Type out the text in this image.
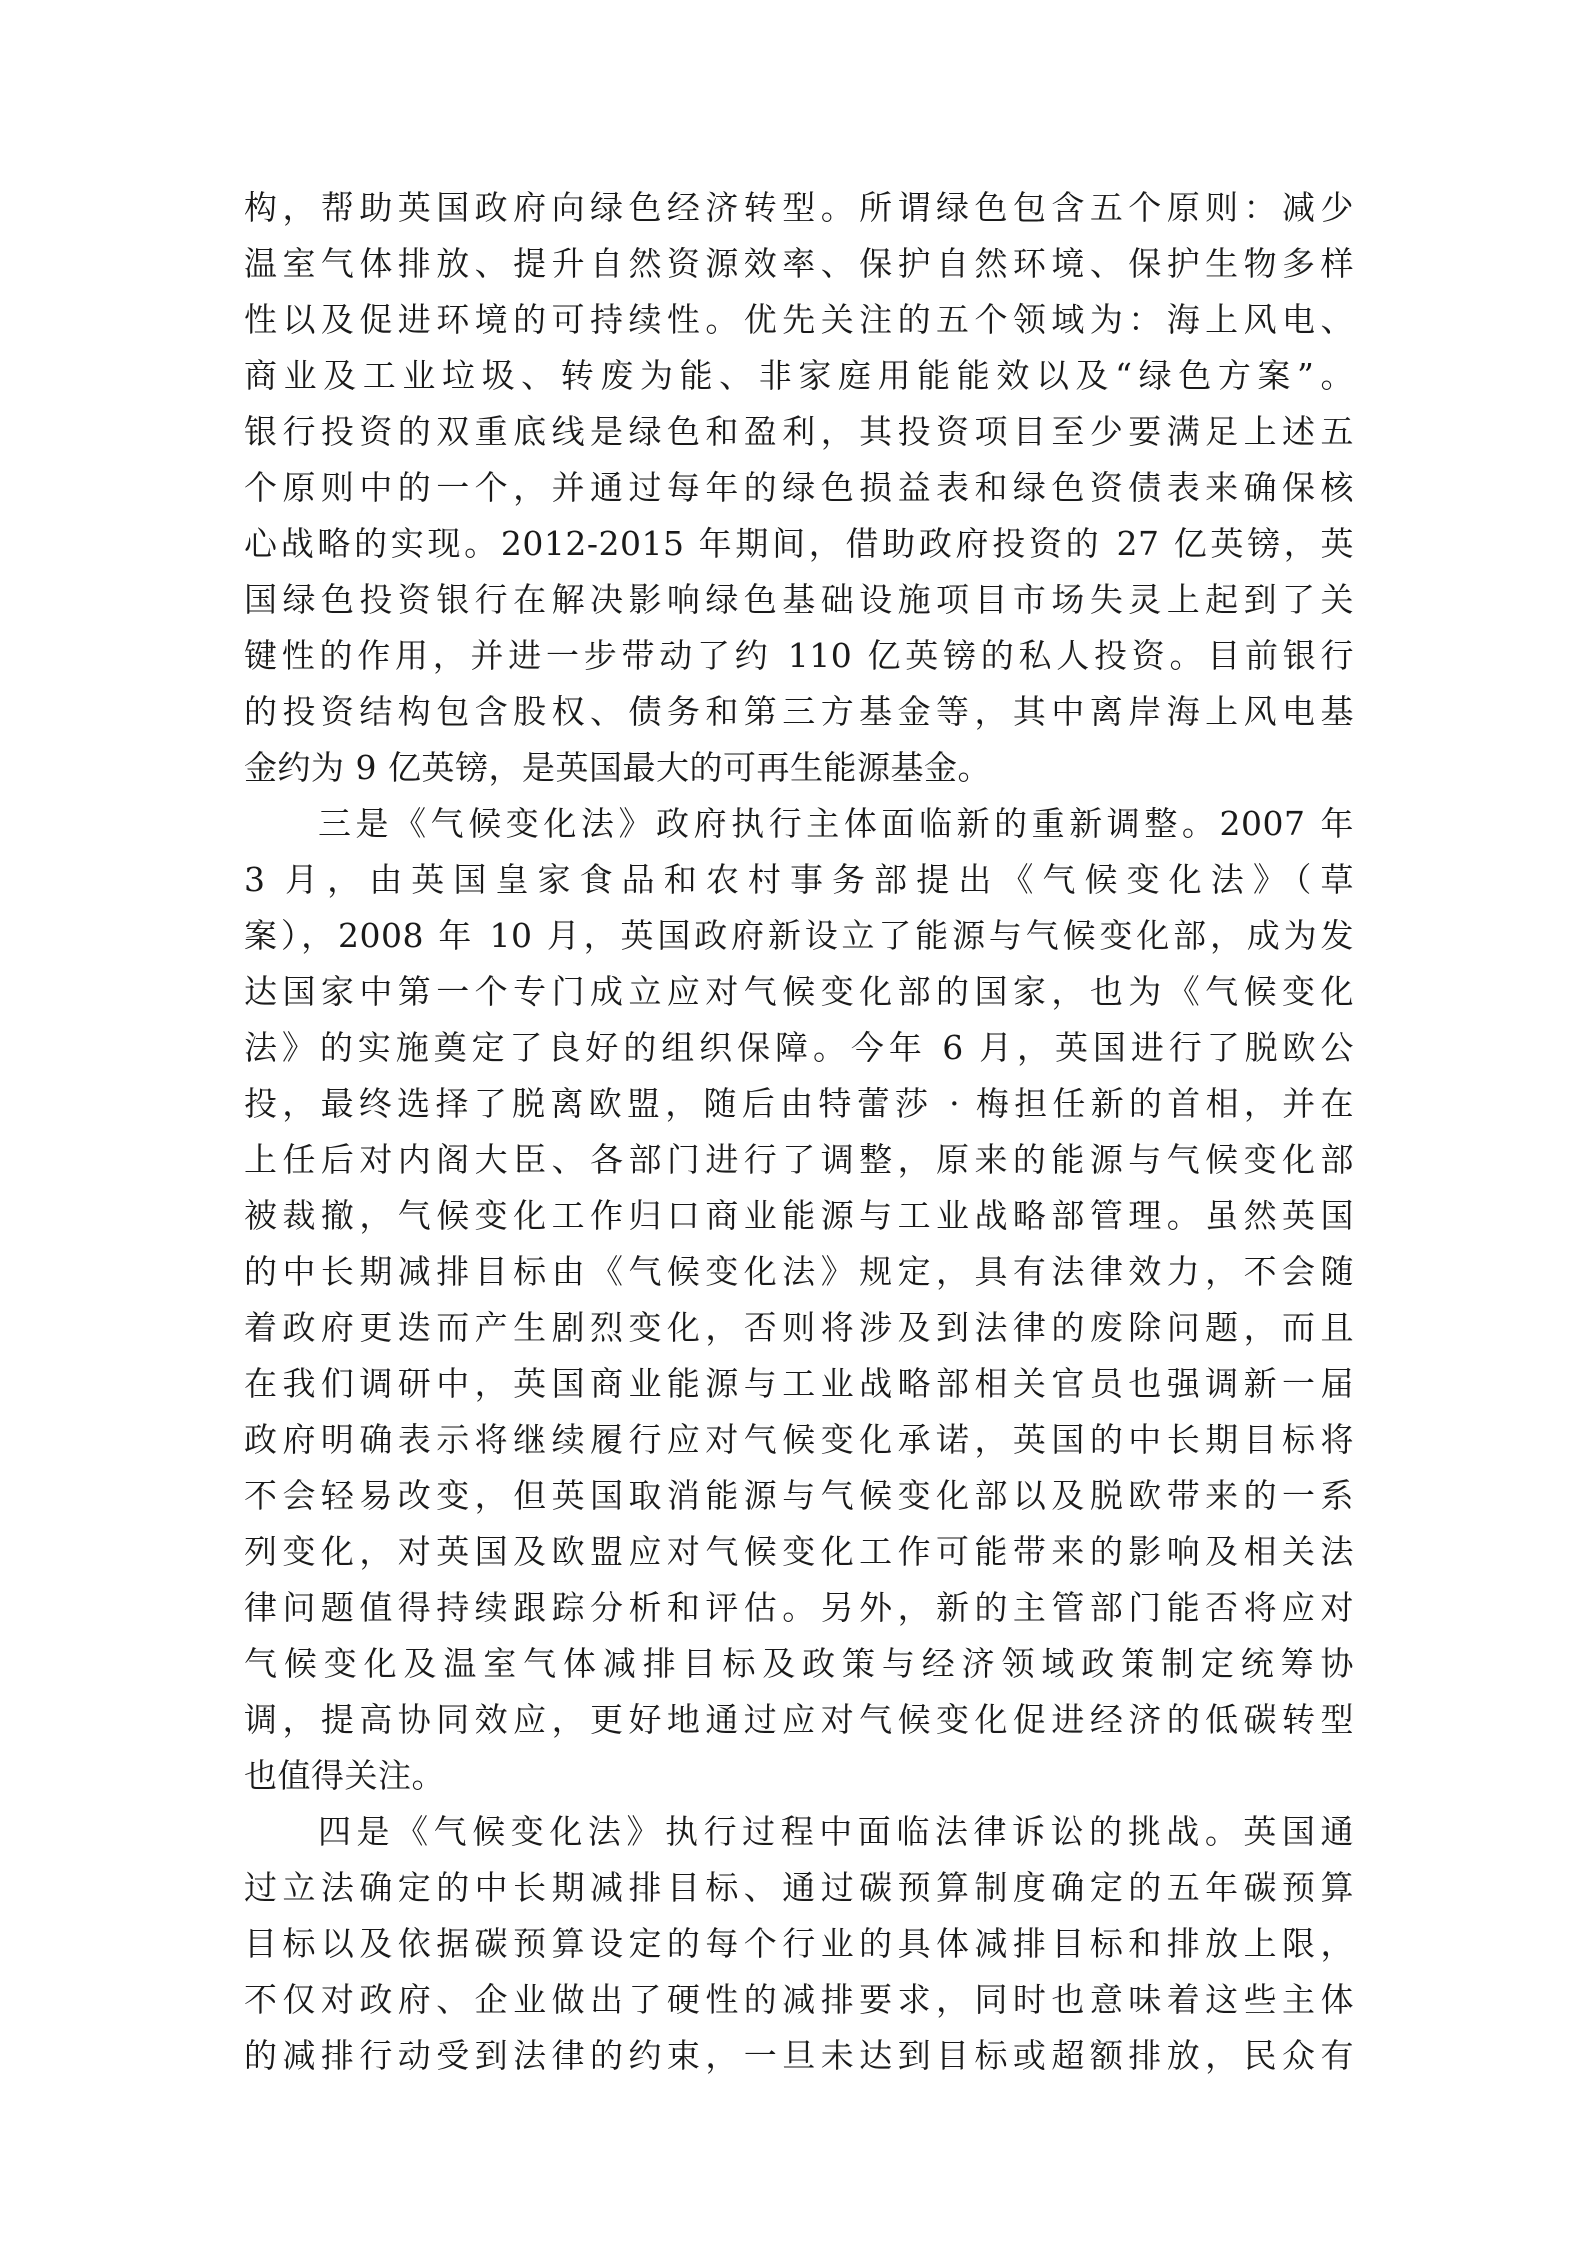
构，帮助英国政府向绿色经济转型。所谓绿色包含五个原则：减少
温室气体排放、提升自然资源效率、保护自然环境、保护生物多样
性以及促进环境的可持续性。优先关注的五个领域为：海上风电、
商业及工业垃圾、转废为能、非家庭用能能效以及“绿色方案”。
银行投资的双重底线是绿色和盈利，其投资项目至少要满足上述五
个原则中的一个，并通过每年的绿色损益表和绿色资债表来确保核
心战略的实现。2012-2015 年期间，借助政府投资的 27 亿英镑，英
国绿色投资银行在解决影响绿色基础设施项目市场失灵上起到了关
键性的作用，并进一步带动了约 110 亿英镑的私人投资。目前银行
的投资结构包含股权、债务和第三方基金等，其中离岸海上风电基
金约为 9 亿英镑，是英国最大的可再生能源基金。
三是《气候变化法》政府执行主体面临新的重新调整。2007 年
3 月，由英国皇家食品和农村事务部提出《气候变化法》（草
案），2008 年 10 月，英国政府新设立了能源与气候变化部，成为发
达国家中第一个专门成立应对气候变化部的国家，也为《气候变化
法》的实施奠定了良好的组织保障。今年 6 月，英国进行了脱欧公
投，最终选择了脱离欧盟，随后由特蕾莎 · 梅担任新的首相，并在
上任后对内阁大臣、各部门进行了调整，原来的能源与气候变化部
被裁撤，气候变化工作归口商业能源与工业战略部管理。虽然英国
的中长期减排目标由《气候变化法》规定，具有法律效力，不会随
着政府更迭而产生剧烈变化，否则将涉及到法律的废除问题，而且
在我们调研中，英国商业能源与工业战略部相关官员也强调新一届
政府明确表示将继续履行应对气候变化承诺，英国的中长期目标将
不会轻易改变，但英国取消能源与气候变化部以及脱欧带来的一系
列变化，对英国及欧盟应对气候变化工作可能带来的影响及相关法
律问题值得持续跟踪分析和评估。另外，新的主管部门能否将应对
气候变化及温室气体减排目标及政策与经济领域政策制定统筹协
调，提高协同效应，更好地通过应对气候变化促进经济的低碳转型
也值得关注。
四是《气候变化法》执行过程中面临法律诉讼的挑战。英国通
过立法确定的中长期减排目标、通过碳预算制度确定的五年碳预算
目标以及依据碳预算设定的每个行业的具体减排目标和排放上限，
不仅对政府、企业做出了硬性的减排要求，同时也意味着这些主体
的减排行动受到法律的约束，一旦未达到目标或超额排放，民众有
